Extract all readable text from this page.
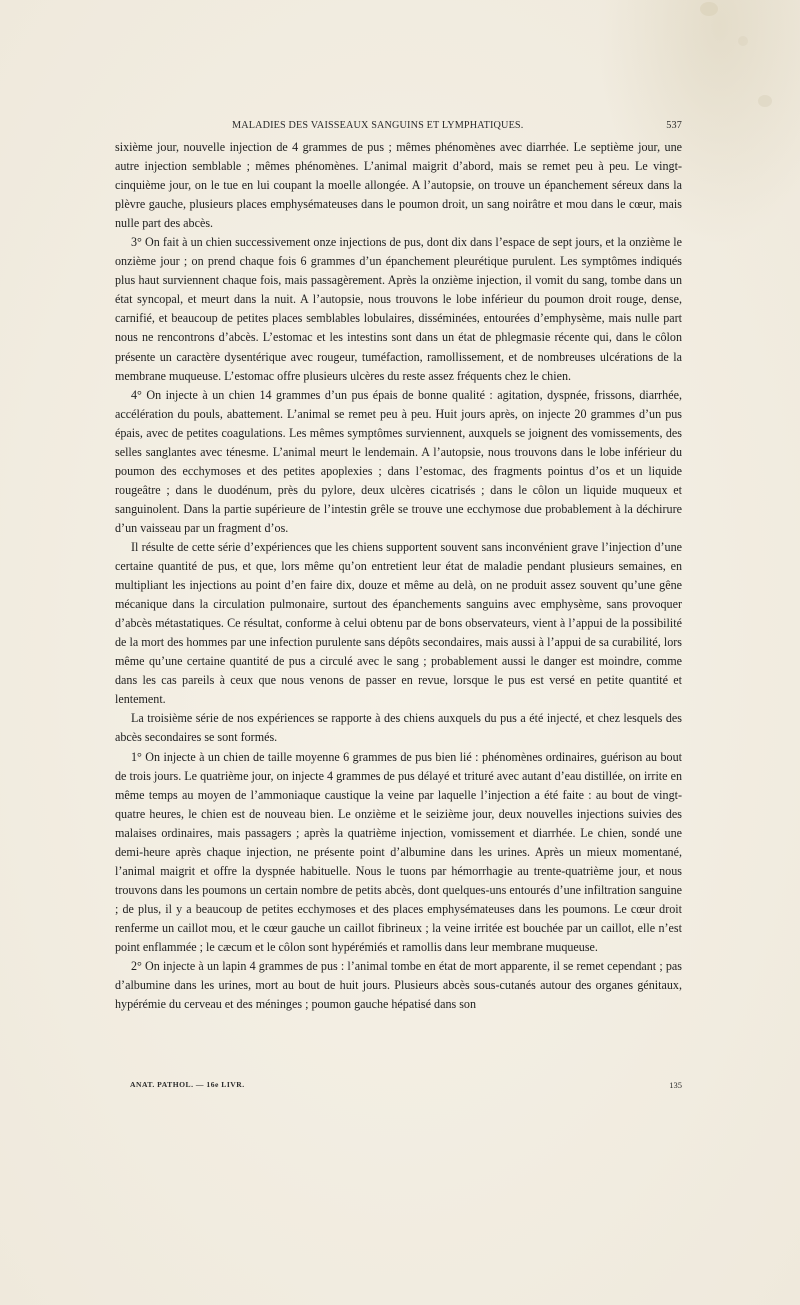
MALADIES DES VAISSEAUX SANGUINS ET LYMPHATIQUES.	537

sixième jour, nouvelle injection de 4 grammes de pus ; mêmes phénomènes avec diarrhée. Le septième jour, une autre injection semblable ; mêmes phénomènes. L’animal maigrit d’abord, mais se remet peu à peu. Le vingt-cinquième jour, on le tue en lui coupant la moelle allongée. A l’autopsie, on trouve un épanchement séreux dans la plèvre gauche, plusieurs places emphysémateuses dans le poumon droit, un sang noirâtre et mou dans le cœur, mais nulle part des abcès.

3° On fait à un chien successivement onze injections de pus, dont dix dans l’espace de sept jours, et la onzième le onzième jour ; on prend chaque fois 6 grammes d’un épanchement pleurétique purulent. Les symptômes indiqués plus haut surviennent chaque fois, mais passagèrement. Après la onzième injection, il vomit du sang, tombe dans un état syncopal, et meurt dans la nuit. A l’autopsie, nous trouvons le lobe inférieur du poumon droit rouge, dense, carnifié, et beaucoup de petites places semblables lobulaires, disséminées, entourées d’emphysème, mais nulle part nous ne rencontrons d’abcès. L’estomac et les intestins sont dans un état de phlegmasie récente qui, dans le côlon présente un caractère dysentérique avec rougeur, tuméfaction, ramollissement, et de nombreuses ulcérations de la membrane muqueuse. L’estomac offre plusieurs ulcères du reste assez fréquents chez le chien.

4° On injecte à un chien 14 grammes d’un pus épais de bonne qualité : agitation, dyspnée, frissons, diarrhée, accélération du pouls, abattement. L’animal se remet peu à peu. Huit jours après, on injecte 20 grammes d’un pus épais, avec de petites coagulations. Les mêmes symptômes surviennent, auxquels se joignent des vomissements, des selles sanglantes avec ténesme. L’animal meurt le lendemain. A l’autopsie, nous trouvons dans le lobe inférieur du poumon des ecchymoses et des petites apoplexies ; dans l’estomac, des fragments pointus d’os et un liquide rougeâtre ; dans le duodénum, près du pylore, deux ulcères cicatrisés ; dans le côlon un liquide muqueux et sanguinolent. Dans la partie supérieure de l’intestin grêle se trouve une ecchymose due probablement à la déchirure d’un vaisseau par un fragment d’os.

Il résulte de cette série d’expériences que les chiens supportent souvent sans inconvénient grave l’injection d’une certaine quantité de pus, et que, lors même qu’on entretient leur état de maladie pendant plusieurs semaines, en multipliant les injections au point d’en faire dix, douze et même au delà, on ne produit assez souvent qu’une gêne mécanique dans la circulation pulmonaire, surtout des épanchements sanguins avec emphysème, sans provoquer d’abcès métastatiques. Ce résultat, conforme à celui obtenu par de bons observateurs, vient à l’appui de la possibilité de la mort des hommes par une infection purulente sans dépôts secondaires, mais aussi à l’appui de sa curabilité, lors même qu’une certaine quantité de pus a circulé avec le sang ; probablement aussi le danger est moindre, comme dans les cas pareils à ceux que nous venons de passer en revue, lorsque le pus est versé en petite quantité et lentement.

La troisième série de nos expériences se rapporte à des chiens auxquels du pus a été injecté, et chez lesquels des abcès secondaires se sont formés.

1° On injecte à un chien de taille moyenne 6 grammes de pus bien lié : phénomènes ordinaires, guérison au bout de trois jours. Le quatrième jour, on injecte 4 grammes de pus délayé et trituré avec autant d’eau distillée, on irrite en même temps au moyen de l’ammoniaque caustique la veine par laquelle l’injection a été faite : au bout de vingt-quatre heures, le chien est de nouveau bien. Le onzième et le seizième jour, deux nouvelles injections suivies des malaises ordinaires, mais passagers ; après la quatrième injection, vomissement et diarrhée. Le chien, sondé une demi-heure après chaque injection, ne présente point d’albumine dans les urines. Après un mieux momentané, l’animal maigrit et offre la dyspnée habituelle. Nous le tuons par hémorrhagie au trente-quatrième jour, et nous trouvons dans les poumons un certain nombre de petits abcès, dont quelques-uns entourés d’une infiltration sanguine ; de plus, il y a beaucoup de petites ecchymoses et des places emphysémateuses dans les poumons. Le cœur droit renferme un caillot mou, et le cœur gauche un caillot fibrineux ; la veine irritée est bouchée par un caillot, elle n’est point enflammée ; le cæcum et le côlon sont hypérémiés et ramollis dans leur membrane muqueuse.

2° On injecte à un lapin 4 grammes de pus : l’animal tombe en état de mort apparente, il se remet cependant ; pas d’albumine dans les urines, mort au bout de huit jours. Plusieurs abcès sous-cutanés autour des organes génitaux, hypérémie du cerveau et des méninges ; poumon gauche hépatisé dans son

ANAT. PATHOL. — 16e LIVR.	135
